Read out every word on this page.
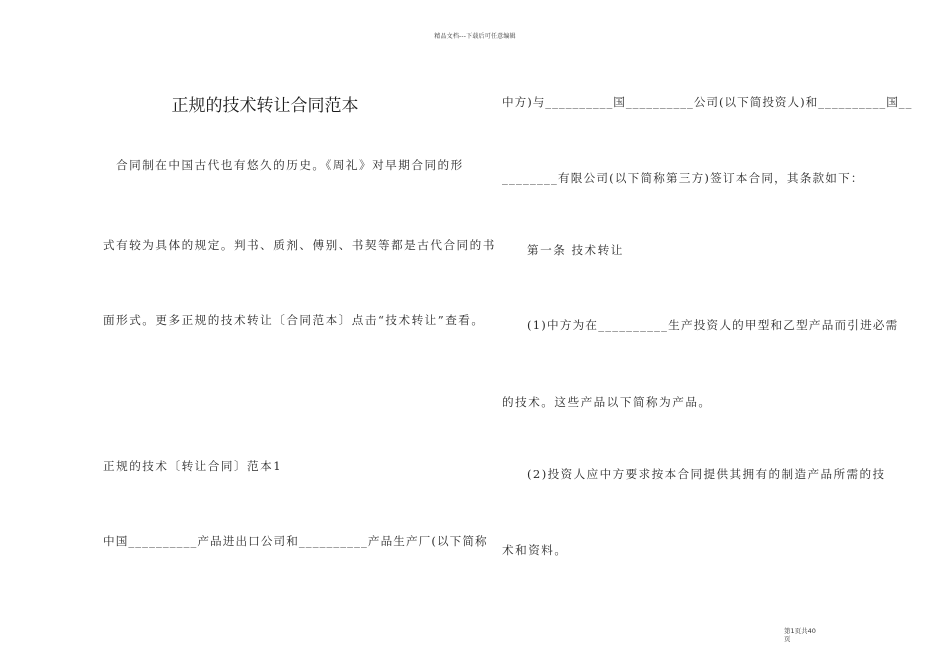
精品文档---下载后可任意编辑
正规的技术转让合同范本
合同制在中国古代也有悠久的历史。《周礼》对早期合同的形
式有较为具体的规定。判书、质剂、傅别、书契等都是古代合同的书
面形式。更多正规的技术转让〔合同范本〕点击“技术转让”查看。
正规的技术〔转让合同〕范本1
中国__________产品进出口公司和__________产品生产厂(以下简称
中方)与__________国__________公司(以下简投资人)和__________国__
________有限公司(以下简称第三方)签订本合同，其条款如下：
第一条 技术转让
(1)中方为在__________生产投资人的甲型和乙型产品而引进必需
的技术。这些产品以下简称为产品。
(2)投资人应中方要求按本合同提供其拥有的制造产品所需的技
术和资料。
第1页共40
页
